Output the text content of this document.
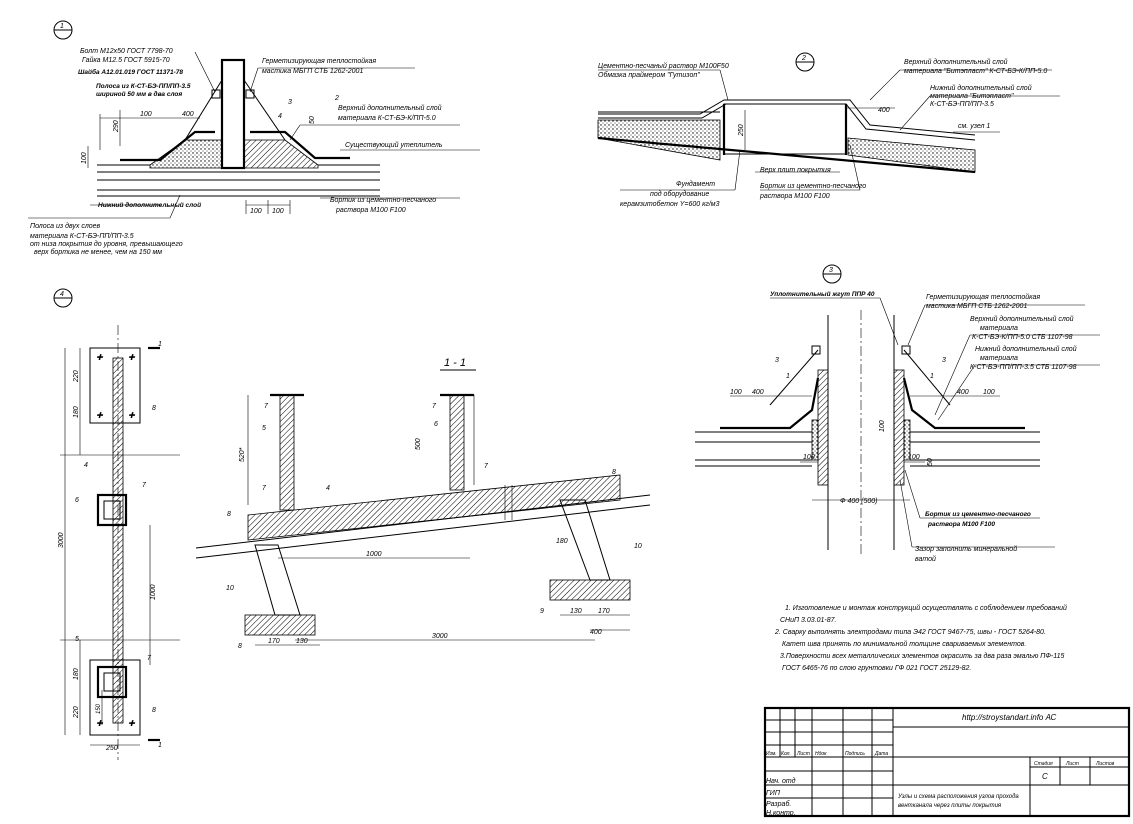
1
Болт М12х50 ГОСТ 7798-70
Гайка М12.5 ГОСТ 5915-70
Шайба А12.01.019 ГОСТ 11371-78
Полоса из К-СТ-БЭ-ПП/ПП-3.5
шириной 50 мм в два слоя
Герметизирующая теплостойкая
мастика МБГП СТБ 1262-2001
Верхний дополнительный слой
материала К-СТ-БЭ-К/ПП-5.0
Существующий утеплитель
Нижний дополнительный слой
Бортик из цементно-песчаного
раствора М100 F100
Полоса из двух слоев
материала К-СТ-БЭ-ПП/ПП-3.5
от низа покрытия до уровня, превышающего
верх бортика не менее, чем на 150 мм
100	400
290
100
50
100 100
3
2
4
2
Цементно-песчаный раствор М100F50
Обмазка праймером "Гутизоп"
Верхний дополнительный слой
материала "Битэпласт" К-СТ-БЭ-К/ПП-5.0
Нижний дополнительный слой
материала "Битэпласт"
К-СТ-БЭ-ПП/ПП-3.5
см. узел 1
400
250
Фундамент
под оборудование
керамзитобетон Y=600 кг/м3
Верх плит покрытия
Бортик из цементно-песчаного
раствора М100 F100
3
Уплотнительный жгут ППР 40	Герметизирующая теплостойкая
мастика МБГП СТБ 1262-2001
Верхний дополнительный слой
материала
К-СТ-БЭ-К/ПП-5.0 СТБ 1107-98
Нижний дополнительный слой
материала
К-СТ-БЭ-ПП/ПП-3.5 СТБ 1107-98
3	3
1	1
100 400	400 100
100	100
100
50
Ф 400 (500)
Бортик из цементно-песчаного
раствора М100 F100
Зазор заполнить минеральной
ватой
4
✚	✚
✚	✚
✚	✚
220
180
3000
1000
180
220	150
250
1
1
8
4
6
7
5
7
8
1 - 1
520*
500
1000
3000
170 130
130 170
400
180
7
5
7
6
7
7	4
8
8
8
10
10
9	1. Изготовление и монтаж конструкций осуществлять с соблюдением требований
СНиП 3.03.01-87.
2. Сварку выполнять электродами типа Э42 ГОСТ 9467-75, швы - ГОСТ 5264-80.
Катет шва принять по минимальной толщине свариваемых элементов.
3.Поверхности всех металлических элементов окрасить за два раза эмалью ПФ-115
ГОСТ 6465-76 по слою грунтовки ГФ 021 ГОСТ 25129-82.
http://stroystandart.info АС
Изм. Кол. Лист Ндок	Подпись Дата
Нач. отд
ГИП
Разраб.
Н.контр.
Стадия	Лист	Листов
С
Узлы и схема расположения узлов прохода
вентканала через плиты покрытия
